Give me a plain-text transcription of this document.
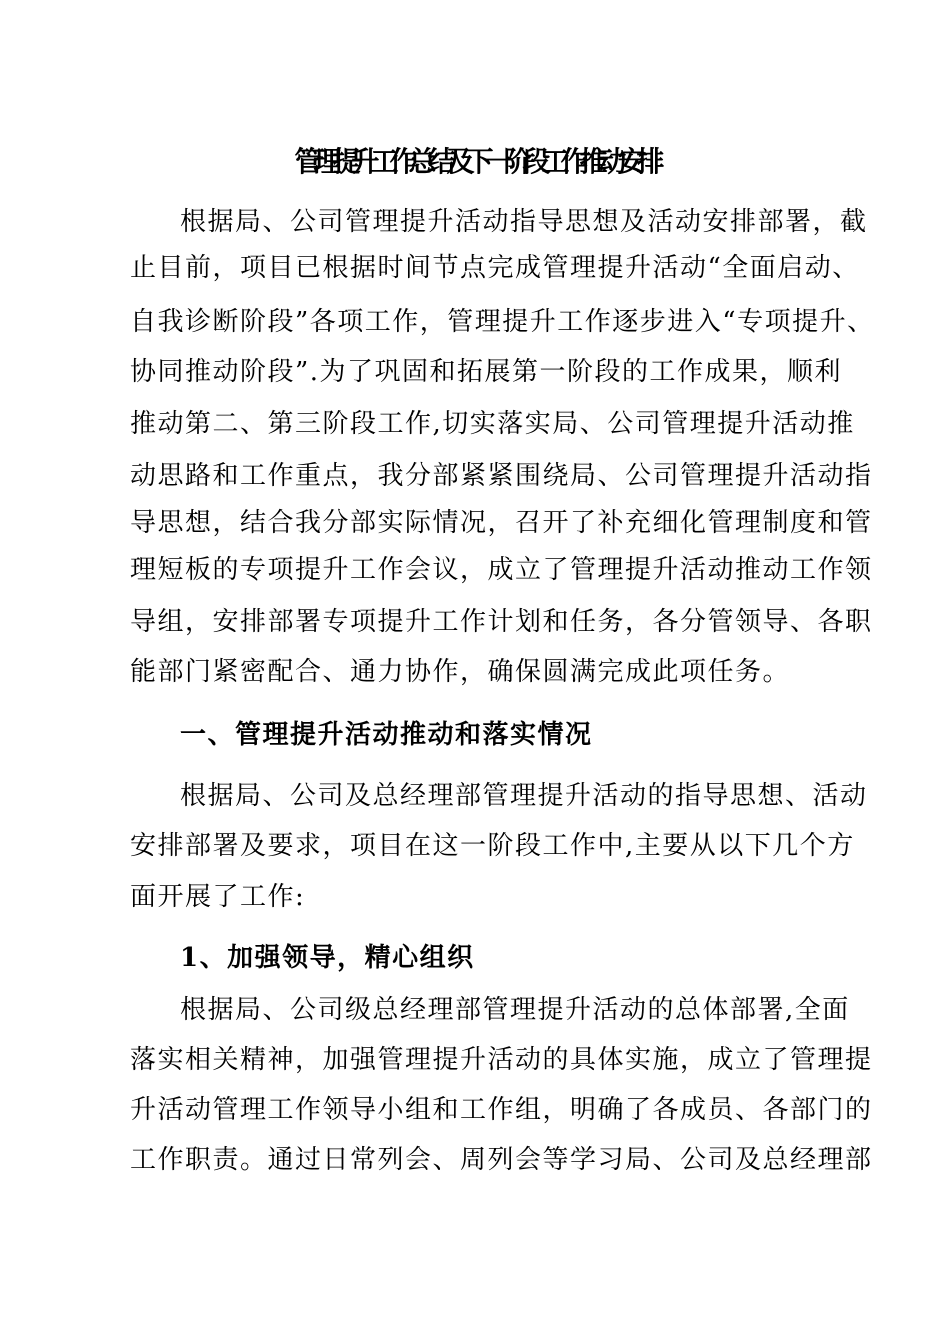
管理提升工作总结及下一阶段工作推动安排
根据局、公司管理提升活动指导思想及活动安排部署，截
止目前，项目已根据时间节点完成管理提升活动“全面启动、
自我诊断阶段”各项工作，管理提升工作逐步进入“专项提升、
协同推动阶段”.为了巩固和拓展第一阶段的工作成果，顺利
推动第二、第三阶段工作,切实落实局、公司管理提升活动推
动思路和工作重点，我分部紧紧围绕局、公司管理提升活动指
导思想，结合我分部实际情况，召开了补充细化管理制度和管
理短板的专项提升工作会议，成立了管理提升活动推动工作领
导组，安排部署专项提升工作计划和任务，各分管领导、各职
能部门紧密配合、通力协作，确保圆满完成此项任务。
一、管理提升活动推动和落实情况
根据局、公司及总经理部管理提升活动的指导思想、活动
安排部署及要求，项目在这一阶段工作中,主要从以下几个方
面开展了工作:
1、加强领导，精心组织
根据局、公司级总经理部管理提升活动的总体部署,全面
落实相关精神，加强管理提升活动的具体实施，成立了管理提
升活动管理工作领导小组和工作组，明确了各成员、各部门的
工作职责。通过日常列会、周列会等学习局、公司及总经理部
